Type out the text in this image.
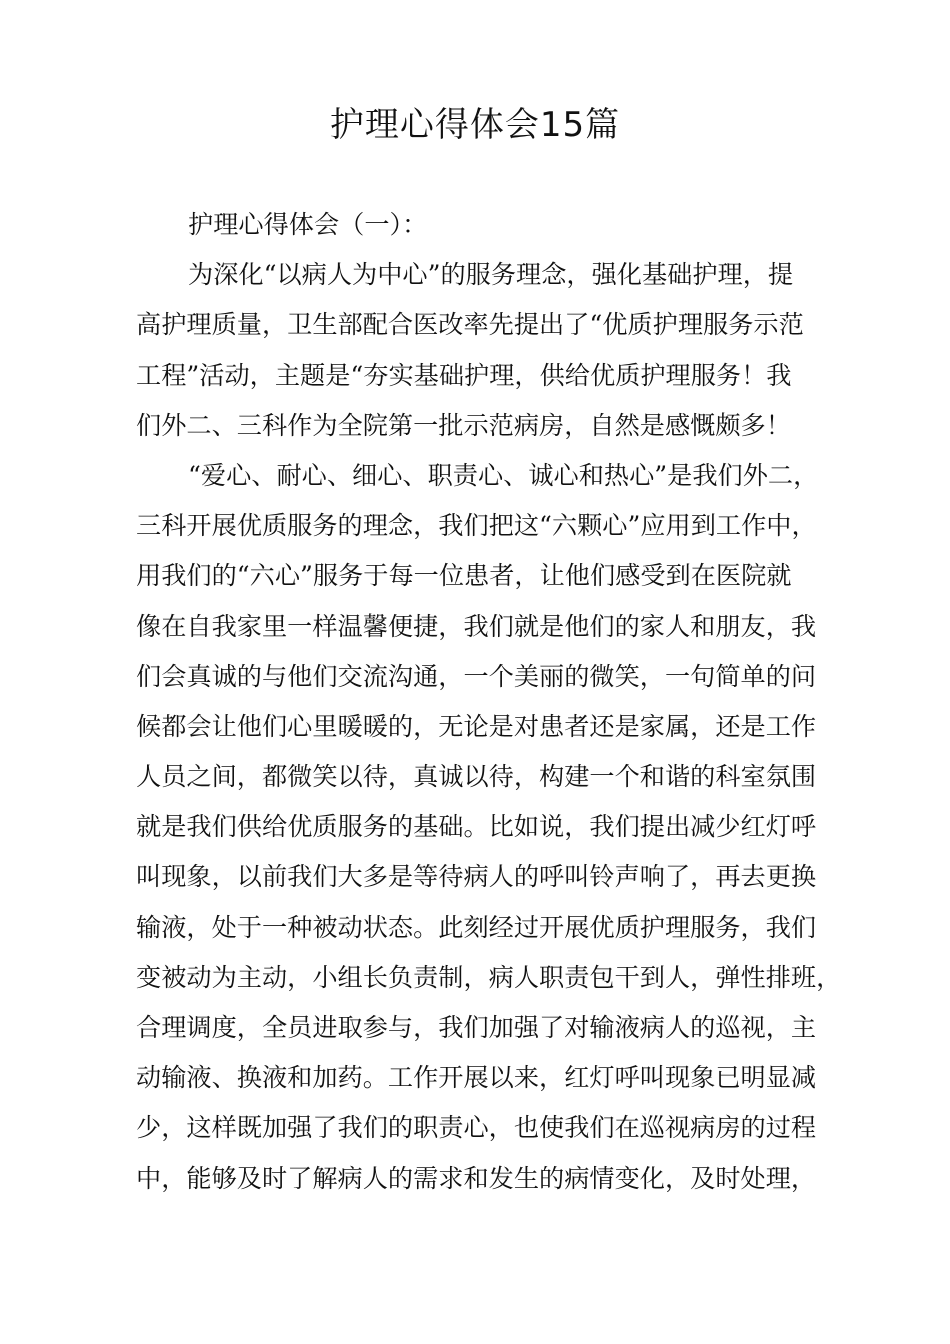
护理心得体会15篇
护理心得体会（一）：
为深化“以病人为中心”的服务理念，强化基础护理，提
高护理质量，卫生部配合医改率先提出了“优质护理服务示范
工程”活动，主题是“夯实基础护理，供给优质护理服务！我
们外二、三科作为全院第一批示范病房，自然是感慨颇多！
“爱心、耐心、细心、职责心、诚心和热心”是我们外二，
三科开展优质服务的理念，我们把这“六颗心”应用到工作中，
用我们的“六心”服务于每一位患者，让他们感受到在医院就
像在自我家里一样温馨便捷，我们就是他们的家人和朋友，我
们会真诚的与他们交流沟通，一个美丽的微笑，一句简单的问
候都会让他们心里暖暖的，无论是对患者还是家属，还是工作
人员之间，都微笑以待，真诚以待，构建一个和谐的科室氛围
就是我们供给优质服务的基础。比如说，我们提出减少红灯呼
叫现象，以前我们大多是等待病人的呼叫铃声响了，再去更换
输液，处于一种被动状态。此刻经过开展优质护理服务，我们
变被动为主动，小组长负责制，病人职责包干到人，弹性排班，
合理调度，全员进取参与，我们加强了对输液病人的巡视，主
动输液、换液和加药。工作开展以来，红灯呼叫现象已明显减
少，这样既加强了我们的职责心，也使我们在巡视病房的过程
中，能够及时了解病人的需求和发生的病情变化，及时处理，
